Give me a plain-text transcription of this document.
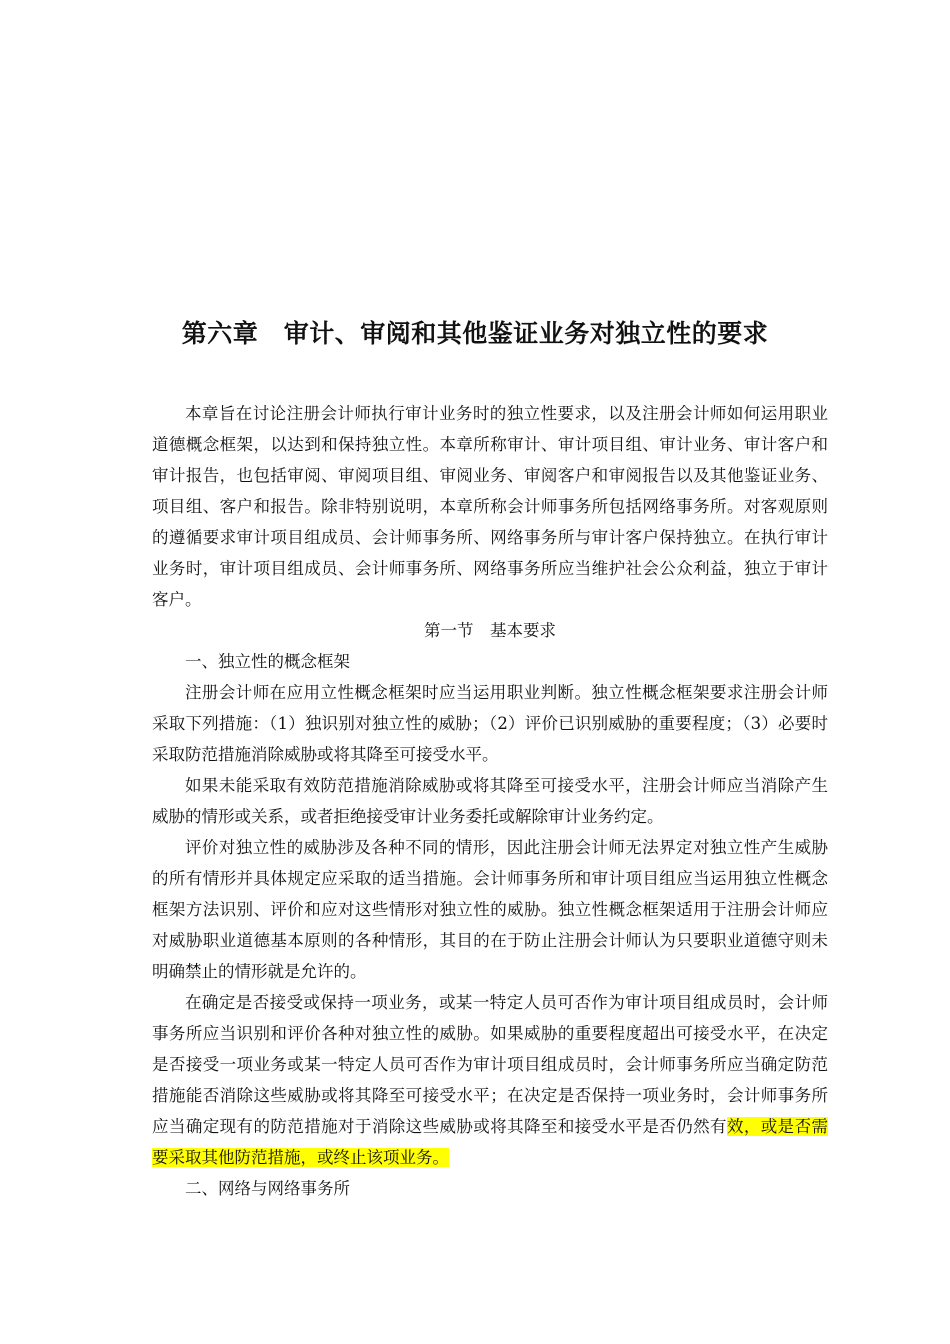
第六章　审计、审阅和其他鉴证业务对独立性的要求

本章旨在讨论注册会计师执行审计业务时的独立性要求，以及注册会计师如何运用职业道德概念框架，以达到和保持独立性。本章所称审计、审计项目组、审计业务、审计客户和审计报告，也包括审阅、审阅项目组、审阅业务、审阅客户和审阅报告以及其他鉴证业务、项目组、客户和报告。除非特别说明，本章所称会计师事务所包括网络事务所。对客观原则的遵循要求审计项目组成员、会计师事务所、网络事务所与审计客户保持独立。在执行审计业务时，审计项目组成员、会计师事务所、网络事务所应当维护社会公众利益，独立于审计客户。

第一节　基本要求

一、独立性的概念框架

注册会计师在应用立性概念框架时应当运用职业判断。独立性概念框架要求注册会计师采取下列措施：（1）独识别对独立性的威胁；（2）评价已识别威胁的重要程度；（3）必要时采取防范措施消除威胁或将其降至可接受水平。

如果未能采取有效防范措施消除威胁或将其降至可接受水平，注册会计师应当消除产生威胁的情形或关系，或者拒绝接受审计业务委托或解除审计业务约定。

评价对独立性的威胁涉及各种不同的情形，因此注册会计师无法界定对独立性产生威胁的所有情形并具体规定应采取的适当措施。会计师事务所和审计项目组应当运用独立性概念框架方法识别、评价和应对这些情形对独立性的威胁。独立性概念框架适用于注册会计师应对威胁职业道德基本原则的各种情形，其目的在于防止注册会计师认为只要职业道德守则未明确禁止的情形就是允许的。

在确定是否接受或保持一项业务，或某一特定人员可否作为审计项目组成员时，会计师事务所应当识别和评价各种对独立性的威胁。如果威胁的重要程度超出可接受水平，在决定是否接受一项业务或某一特定人员可否作为审计项目组成员时，会计师事务所应当确定防范措施能否消除这些威胁或将其降至可接受水平；在决定是否保持一项业务时，会计师事务所应当确定现有的防范措施对于消除这些威胁或将其降至和接受水平是否仍然有效，或是否需要采取其他防范措施，或终止该项业务。

二、网络与网络事务所
